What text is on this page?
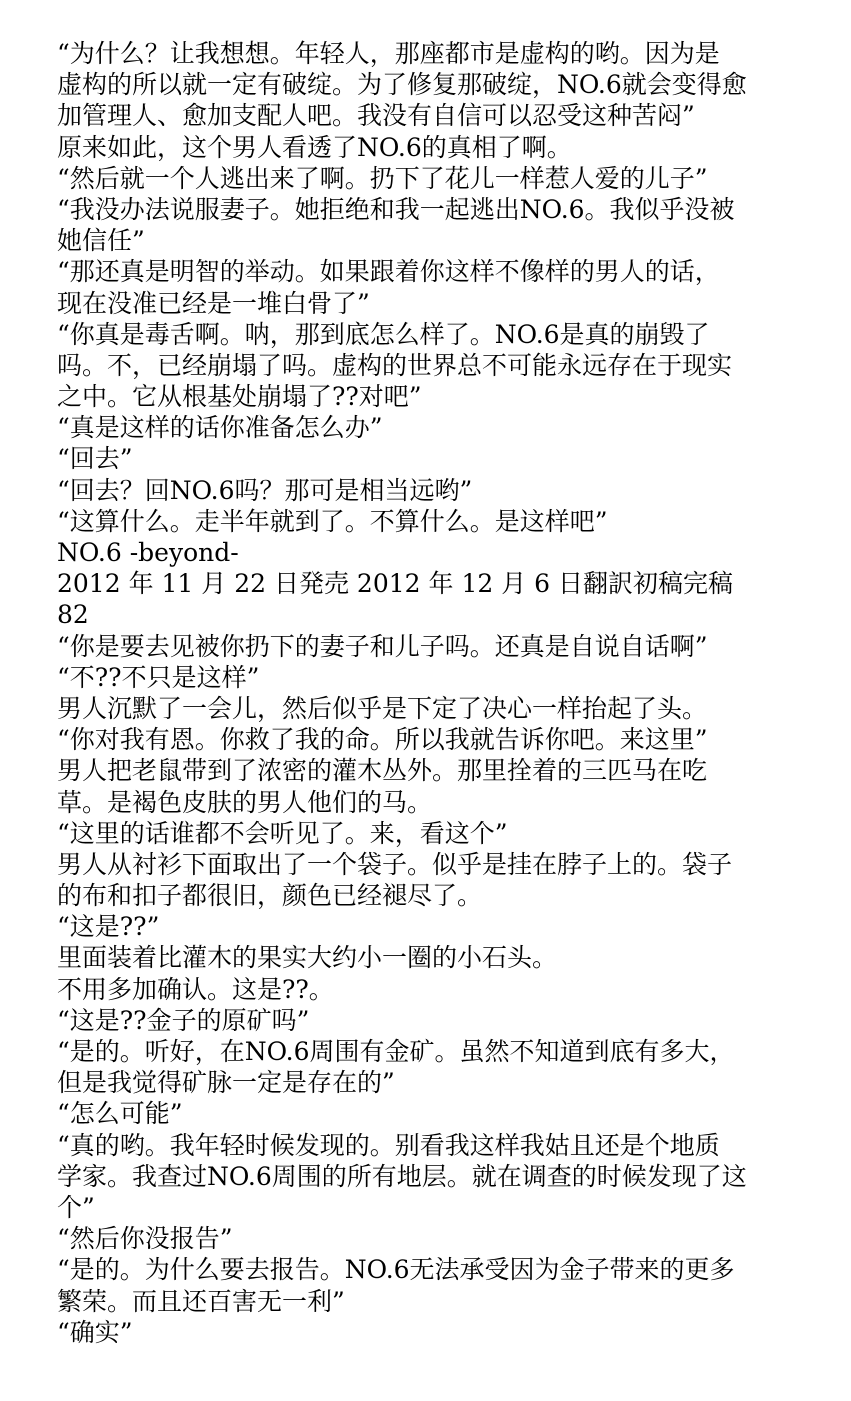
“为什么？让我想想。年轻人，那座都市是虚构的哟。因为是
虚构的所以就一定有破绽。为了修复那破绽，NO.6就会变得愈
加管理人、愈加支配人吧。我没有自信可以忍受这种苦闷”
原来如此，这个男人看透了NO.6的真相了啊。
“然后就一个人逃出来了啊。扔下了花儿一样惹人爱的儿子”
“我没办法说服妻子。她拒绝和我一起逃出NO.6。我似乎没被
她信任”
“那还真是明智的举动。如果跟着你这样不像样的男人的话，
现在没准已经是一堆白骨了”
“你真是毒舌啊。呐，那到底怎么样了。NO.6是真的崩毁了
吗。不，已经崩塌了吗。虚构的世界总不可能永远存在于现实
之中。它从根基处崩塌了??对吧”
“真是这样的话你准备怎么办”
“回去”
“回去？回NO.6吗？那可是相当远哟”
“这算什么。走半年就到了。不算什么。是这样吧”
NO.6 -beyond-
2012 年 11 月 22 日発売 2012 年 12 月 6 日翻訳初稿完稿
82
“你是要去见被你扔下的妻子和儿子吗。还真是自说自话啊”
“不??不只是这样”
男人沉默了一会儿，然后似乎是下定了决心一样抬起了头。
“你对我有恩。你救了我的命。所以我就告诉你吧。来这里”
男人把老鼠带到了浓密的灌木丛外。那里拴着的三匹马在吃
草。是褐色皮肤的男人他们的马。
“这里的话谁都不会听见了。来，看这个”
男人从衬衫下面取出了一个袋子。似乎是挂在脖子上的。袋子
的布和扣子都很旧，颜色已经褪尽了。
“这是??”
里面装着比灌木的果实大约小一圈的小石头。
不用多加确认。这是??。
“这是??金子的原矿吗”
“是的。听好，在NO.6周围有金矿。虽然不知道到底有多大，
但是我觉得矿脉一定是存在的”
“怎么可能”
“真的哟。我年轻时候发现的。别看我这样我姑且还是个地质
学家。我查过NO.6周围的所有地层。就在调查的时候发现了这
个”
“然后你没报告”
“是的。为什么要去报告。NO.6无法承受因为金子带来的更多
繁荣。而且还百害无一利”
“确实”
